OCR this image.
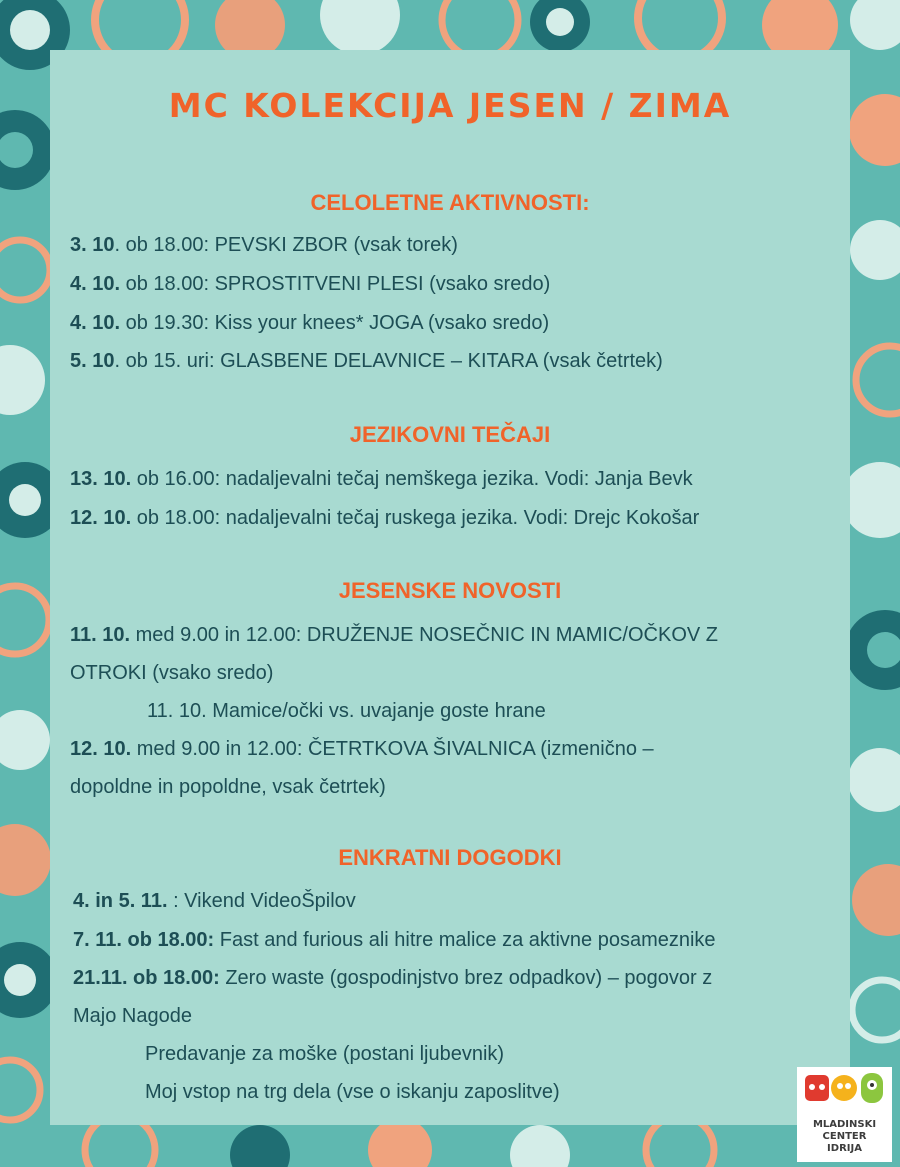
MC KOLEKCIJA JESEN / ZIMA
CELOLETNE AKTIVNOSTI:
3. 10. ob 18.00: PEVSKI ZBOR (vsak torek)
4. 10. ob 18.00: SPROSTITVENI PLESI (vsako sredo)
4. 10. ob 19.30: Kiss your knees* JOGA (vsako sredo)
5. 10. ob 15. uri: GLASBENE DELAVNICE – KITARA (vsak četrtek)
JEZIKOVNI TEČAJI
13. 10. ob 16.00: nadaljevalni tečaj nemškega jezika. Vodi: Janja Bevk
12. 10. ob 18.00: nadaljevalni tečaj ruskega jezika. Vodi: Drejc Kokošar
JESENSKE NOVOSTI
11. 10. med 9.00 in 12.00: DRUŽENJE NOSEČNIC IN MAMIC/OČKOV Z
OTROKI (vsako sredo)
11. 10. Mamice/očki vs. uvajanje goste hrane
12. 10. med 9.00 in 12.00: ČETRTKOVA ŠIVALNICA (izmenično –
dopoldne in popoldne, vsak četrtek)
ENKRATNI DOGODKI
4. in 5. 11. : Vikend VideoŠpilov
7. 11. ob 18.00: Fast and furious ali hitre malice za aktivne posameznike
21.11. ob 18.00: Zero waste (gospodinjstvo brez odpadkov) – pogovor z
Majo Nagode
Predavanje za moške (postani ljubevnik)
Moj vstop na trg dela (vse o iskanju zaposlitve)
MLADINSKI
CENTER
IDRIJA
